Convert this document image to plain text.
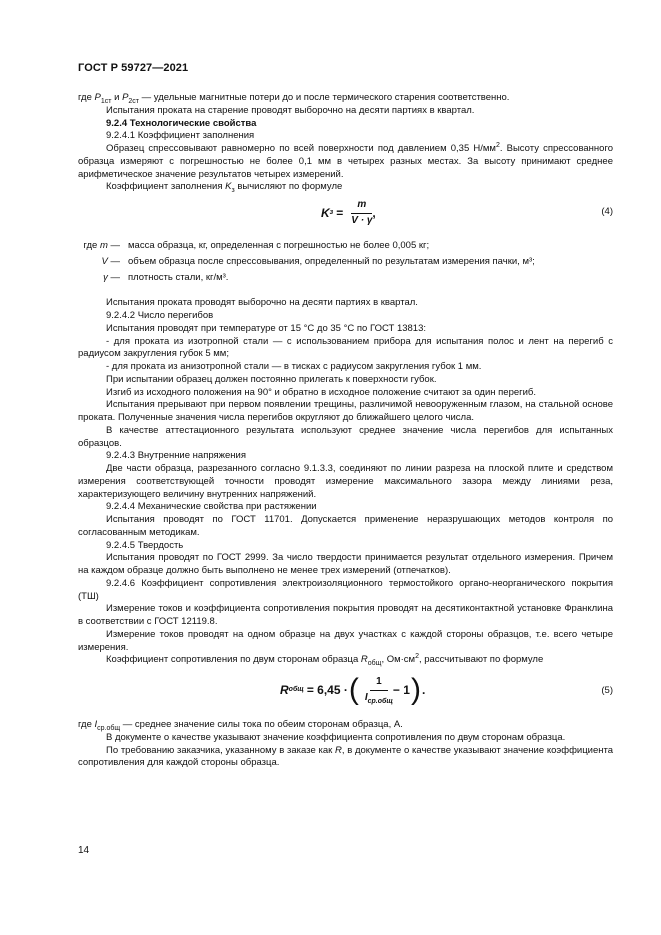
ГОСТ Р 59727—2021

где $P_{1ст}$ и $P_{2ст}$ — удельные магнитные потери до и после термического старения соответственно.

Испытания проката на старение проводят выборочно на десяти партиях в квартал.

9.2.4 Технологические свойства

9.2.4.1 Коэффициент заполнения

Образец спрессовывают равномерно по всей поверхности под давлением 0,35 $Н/мм^2$. Высоту спрессованного образца измеряют с погрешностью не более 0,1 мм в четырех разных местах. За высоту принимают среднее арифметическое значение результатов четырех измерений.

Коэффициент заполнения $K_з$ вычисляют по формуле

K $з = \frac{m}{V \cdot \gamma}$ ,	(4)
где m — масса образца, кг, определенная с погрешностью не более 0,005 кг;
V — объем образца после спрессовывания, определенный по результатам измерения пачки, м³;
γ — плотность стали, кг/м³.

Испытания проката проводят выборочно на десяти партиях в квартал.

9.2.4.2 Число перегибов

Испытания проводят при температуре от 15 °С до 35 °С по ГОСТ 13813:

- для проката из изотропной стали — с использованием прибора для испытания полос и лент на перегиб с радиусом закругления губок 5 мм;

- для проката из анизотропной стали — в тисках с радиусом закругления губок 1 мм.

При испытании образец должен постоянно прилегать к поверхности губок.

Изгиб из исходного положения на 90° и обратно в исходное положение считают за один перегиб.

Испытания прерывают при первом появлении трещины, различимой невооруженным глазом, на стальной основе проката. Полученные значения числа перегибов округляют до ближайшего целого числа.

В качестве аттестационного результата используют среднее значение числа перегибов для испытанных образцов.

9.2.4.3 Внутренние напряжения

Две части образца, разрезанного согласно 9.1.3.3, соединяют по линии разреза на плоской плите и средством измерения соответствующей точности проводят измерение максимального зазора между линиями реза, характеризующего величину внутренних напряжений.

9.2.4.4 Механические свойства при растяжении

Испытания проводят по ГОСТ 11701. Допускается применение неразрушающих методов контроля по согласованным методикам.

9.2.4.5 Твердость

Испытания проводят по ГОСТ 2999. За число твердости принимается результат отдельного измерения. Причем на каждом образце должно быть выполнено не менее трех измерений (отпечатков).

9.2.4.6 Коэффициент сопротивления электроизоляционного термостойкого органо-неорганического покрытия (ТШ)

Измерение токов и коэффициента сопротивления покрытия проводят на десятиконтактной установке Франклина в соответствии с ГОСТ 12119.8.

Измерение токов проводят на одном образце на двух участках с каждой стороны образцов, т.е. всего четыре измерения.

Коэффициент сопротивления по двум сторонам образца $R_{общ}$, $Ом\cdot см^2$, рассчитывают по формуле

R общ = 6,45 · ( $\frac{1}{I_{ср.общ}} - 1$ ) .	(5)

где $I_{ср.общ}$ — среднее значение силы тока по обеим сторонам образца, А.

В документе о качестве указывают значение коэффициента сопротивления по двум сторонам образца.

По требованию заказчика, указанному в заказе как R, в документе о качестве указывают значение коэффициента сопротивления для каждой стороны образца.

14
